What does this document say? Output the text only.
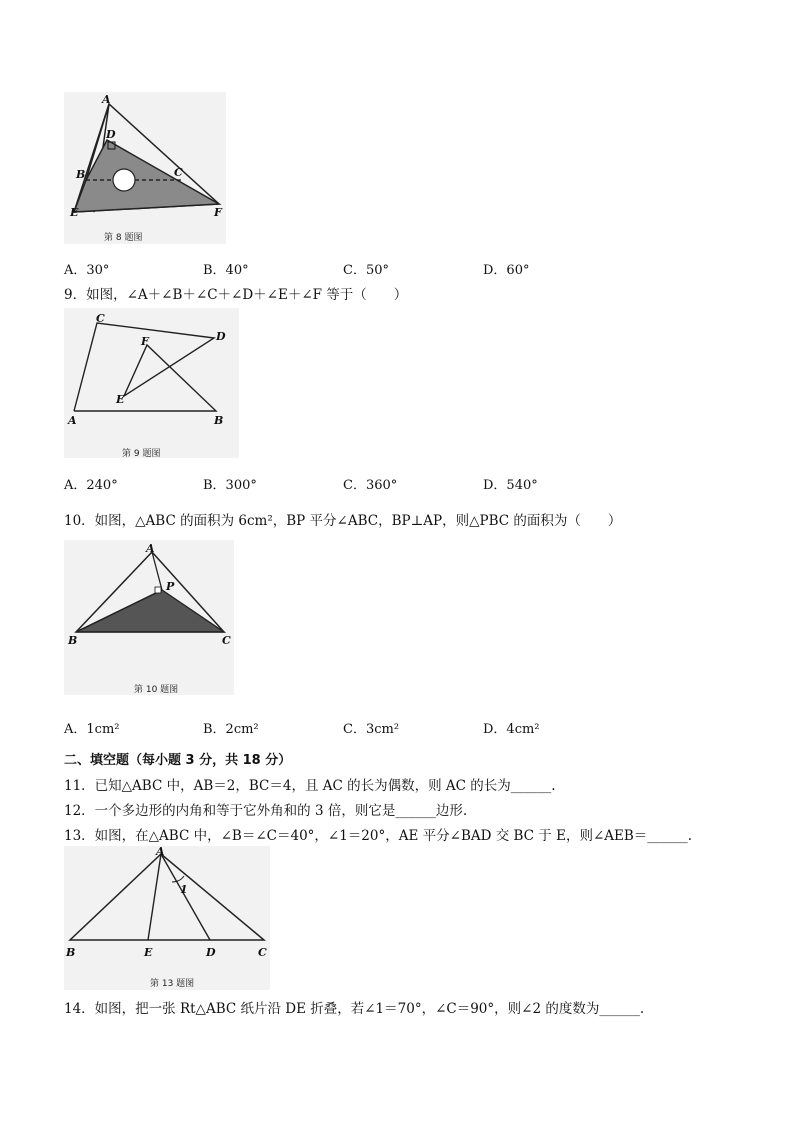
A
D
B	C
E	F
第 8 题图
A．30°	B．40°	C．50°	D．60°
9．如图，∠A＋∠B＋∠C＋∠D＋∠E＋∠F 等于（　　）
C
D
F
E
A	B
第 9 题图
A．240°	B．300°	C．360°	D．540°
10．如图，△ABC 的面积为 6cm²，BP 平分∠ABC，BP⊥AP，则△PBC 的面积为（　　）
A
P
B	C
第 10 题图
A．1cm²	B．2cm²	C．3cm²	D．4cm²
二、填空题（每小题 3 分，共 18 分）
11．已知△ABC 中，AB＝2，BC＝4，且 AC 的长为偶数，则 AC 的长为______.
12．一个多边形的内角和等于它外角和的 3 倍，则它是______边形.
13．如图，在△ABC 中，∠B＝∠C＝40°，∠1＝20°，AE 平分∠BAD 交 BC 于 E，则∠AEB＝______.
A
1
B	E	D	C
第 13 题图
14．如图，把一张 Rt△ABC 纸片沿 DE 折叠，若∠1＝70°，∠C＝90°，则∠2 的度数为______.
